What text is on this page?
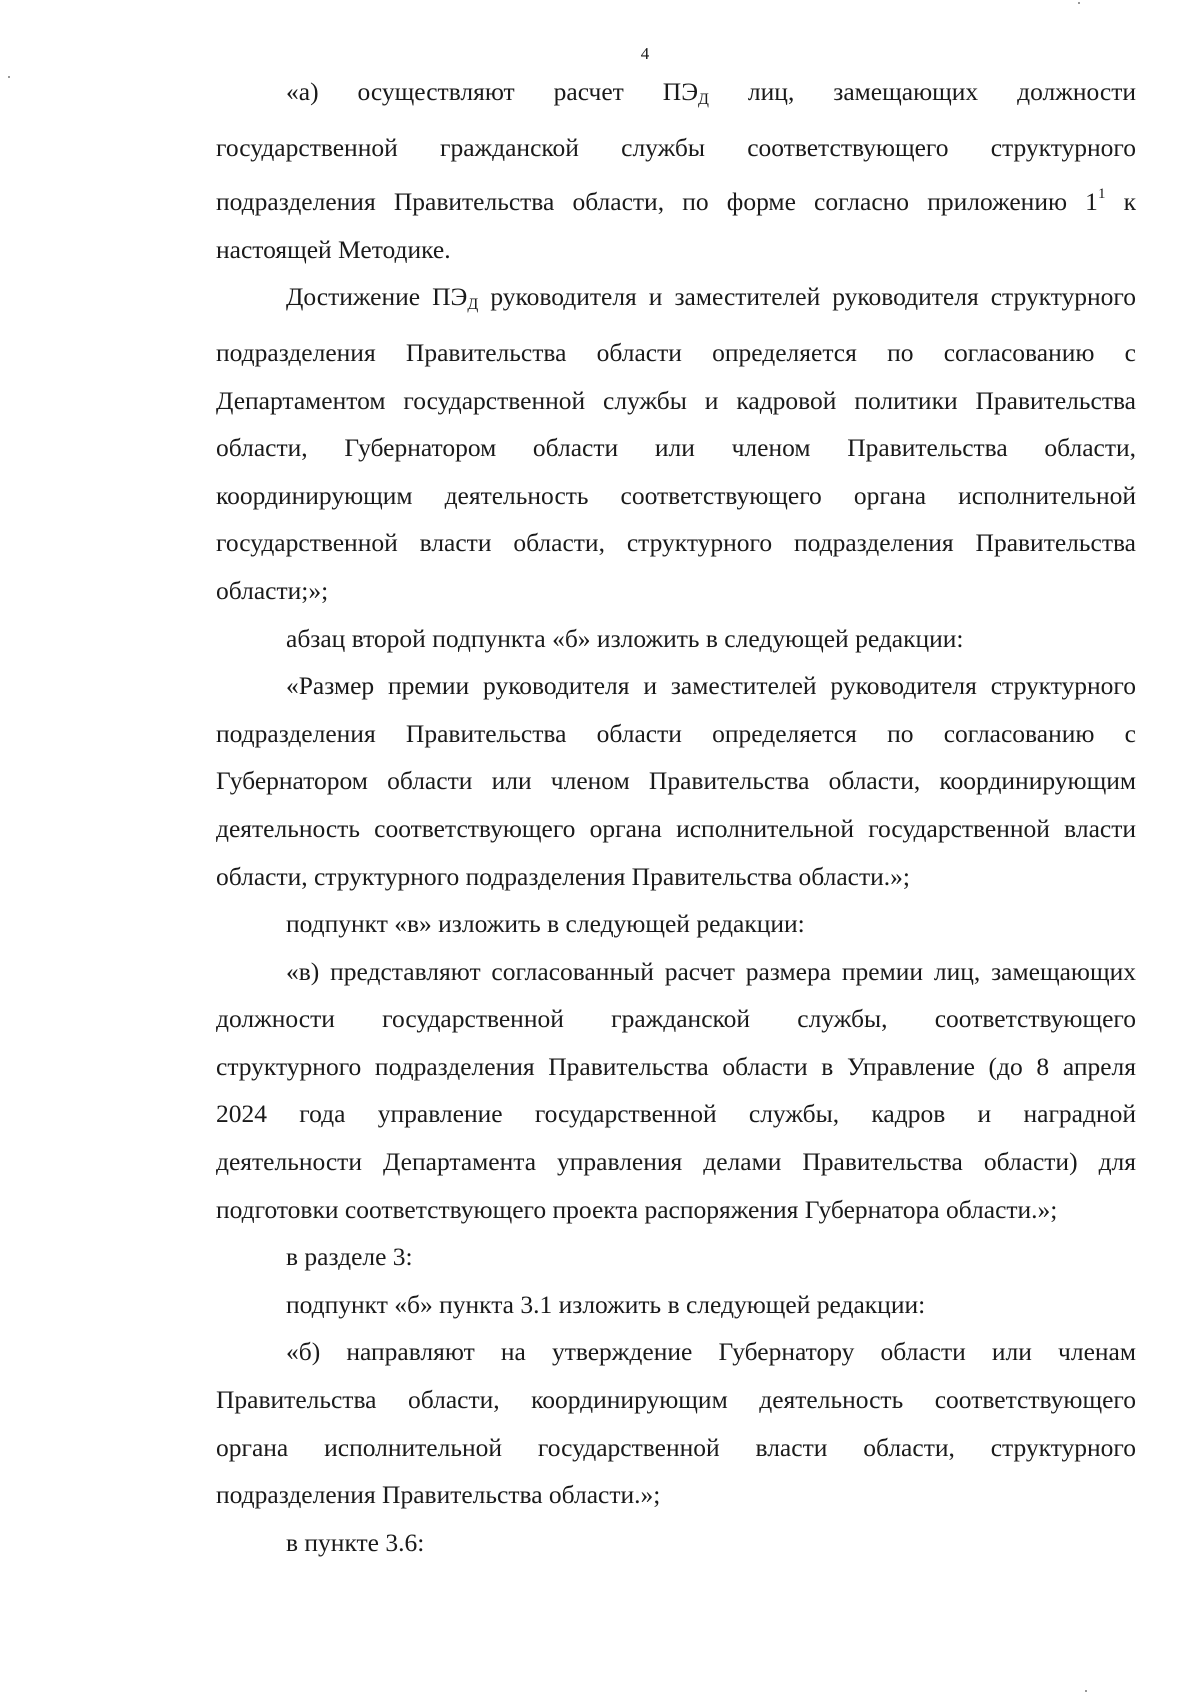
4
«а) осуществляют расчет $ПЭ_Д$ лиц, замещающих должности
государственной гражданской службы соответствующего структурного
подразделения Правительства области, по форме согласно приложению $1^1$ к
настоящей Методике.
Достижение $ПЭ_Д$ руководителя и заместителей руководителя структурного
подразделения Правительства области определяется по согласованию с
Департаментом государственной службы и кадровой политики Правительства
области, Губернатором области или членом Правительства области,
координирующим деятельность соответствующего органа исполнительной
государственной власти области, структурного подразделения Правительства
области;»;
абзац второй подпункта «б» изложить в следующей редакции:
«Размер премии руководителя и заместителей руководителя структурного
подразделения Правительства области определяется по согласованию с
Губернатором области или членом Правительства области, координирующим
деятельность соответствующего органа исполнительной государственной власти
области, структурного подразделения Правительства области.»;
подпункт «в» изложить в следующей редакции:
«в) представляют согласованный расчет размера премии лиц, замещающих
должности государственной гражданской службы, соответствующего
структурного подразделения Правительства области в Управление (до 8 апреля
2024 года управление государственной службы, кадров и наградной
деятельности Департамента управления делами Правительства области) для
подготовки соответствующего проекта распоряжения Губернатора области.»;
в разделе 3:
подпункт «б» пункта 3.1 изложить в следующей редакции:
«б) направляют на утверждение Губернатору области или членам
Правительства области, координирующим деятельность соответствующего
органа исполнительной государственной власти области, структурного
подразделения Правительства области.»;
в пункте 3.6:
